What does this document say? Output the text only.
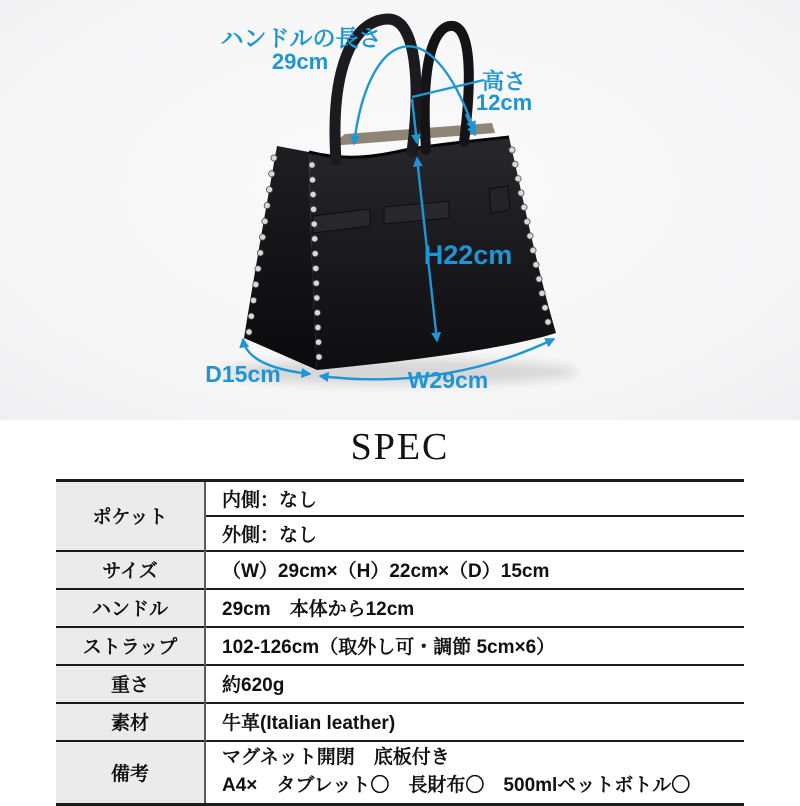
ハンドルの長さ
29cm
高さ
12cm
H22cm
D15cm	W29cm
SPEC
ポケット	内側：なし
	外側：なし
サイズ	（W）29cm×（H）22cm×（D）15cm
ハンドル	29cm　本体から12cm
ストラップ	102-126cm（取外し可・調節 5cm×6）
重さ	約620g
素材	牛革(Italian leather)
備考	マグネット開閉　底板付き
A4×　タブレット〇　長財布〇　500mlペットボトル〇
